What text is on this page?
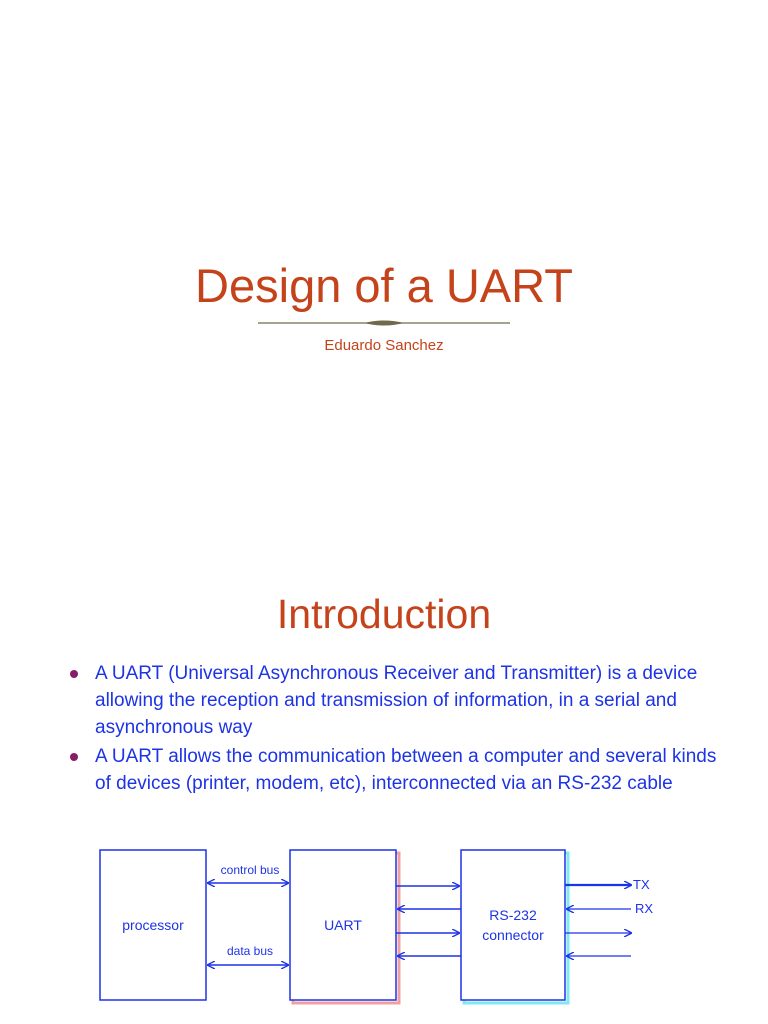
Design of a UART
Eduardo Sanchez
Introduction
A UART (Universal Asynchronous Receiver and Transmitter) is a device allowing the reception and transmission of information, in a serial and asynchronous way
A UART allows the communication between a computer and several kinds of devices (printer, modem, etc), interconnected via an RS-232 cable
processor	UART
RS-232
connector
control bus
data bus
TX
RX
